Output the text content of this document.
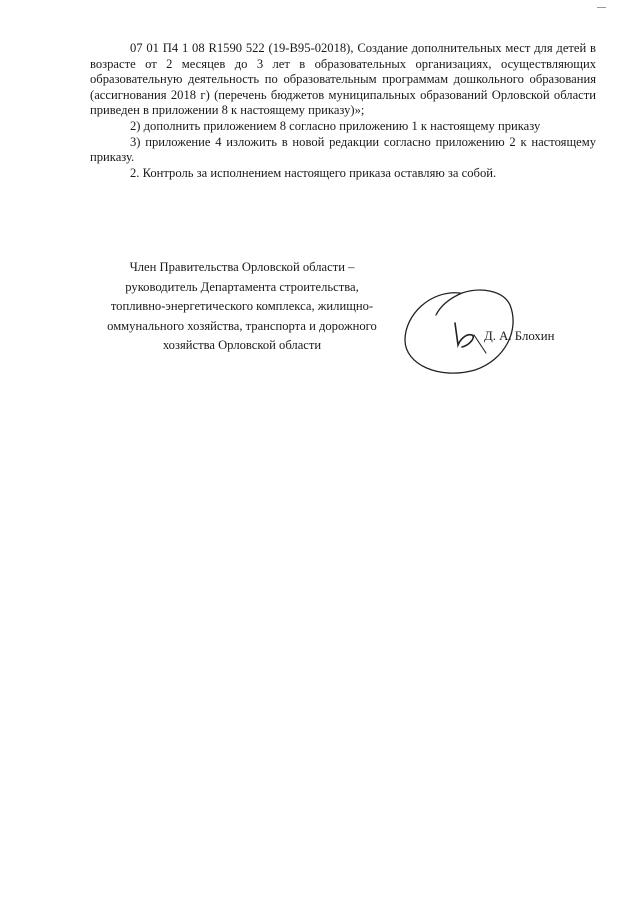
07 01 П4 1 08 R1590 522 (19-В95-02018), Создание дополнительных мест для детей в возрасте от 2 месяцев до 3 лет в образовательных организациях, осуществляющих образовательную деятельность по образовательным программам дошкольного образования (ассигнования 2018 г) (перечень бюджетов муниципальных образований Орловской области приведен в приложении 8 к настоящему приказу)»;

2) дополнить приложением 8 согласно приложению 1 к настоящему приказу

3) приложение 4 изложить в новой редакции согласно приложению 2 к настоящему приказу.

2. Контроль за исполнением настоящего приказа оставляю за собой.

Член Правительства Орловской области –
руководитель Департамента строительства,
топливно-энергетического комплекса, жилищно-
оммунального хозяйства, транспорта и дорожного
хозяйства Орловской области
Д. А. Блохин
